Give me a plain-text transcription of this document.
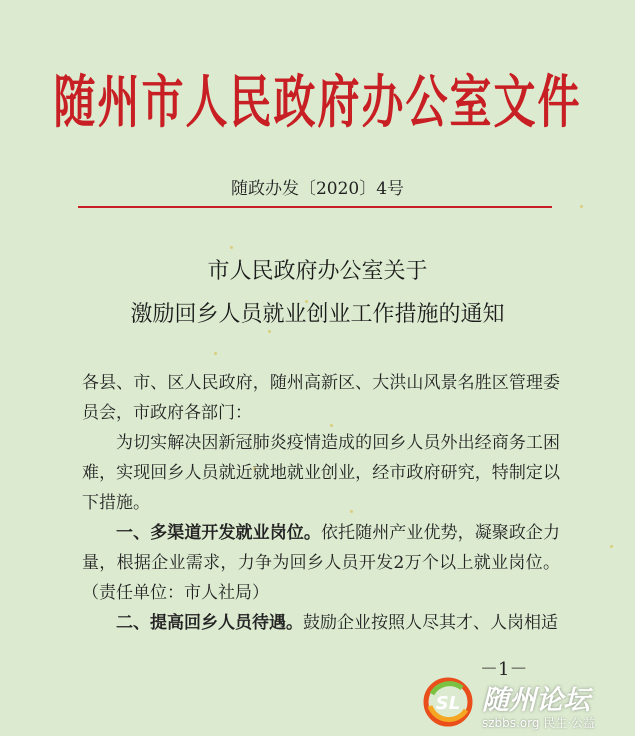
随州市人民政府办公室文件
随政办发〔2020〕4号
市人民政府办公室关于
激励回乡人员就业创业工作措施的通知

各县、市、区人民政府，随州高新区、大洪山风景名胜区管理委员会，市政府各部门：

为切实解决因新冠肺炎疫情造成的回乡人员外出经商务工困难，实现回乡人员就近就地就业创业，经市政府研究，特制定以下措施。

一、多渠道开发就业岗位。依托随州产业优势，凝聚政企力量，根据企业需求，力争为回乡人员开发2万个以上就业岗位。（责任单位：市人社局）

二、提高回乡人员待遇。鼓励企业按照人尽其才、人岗相适

－1－
SL 随州论坛
szbbs.org 民生·公益
